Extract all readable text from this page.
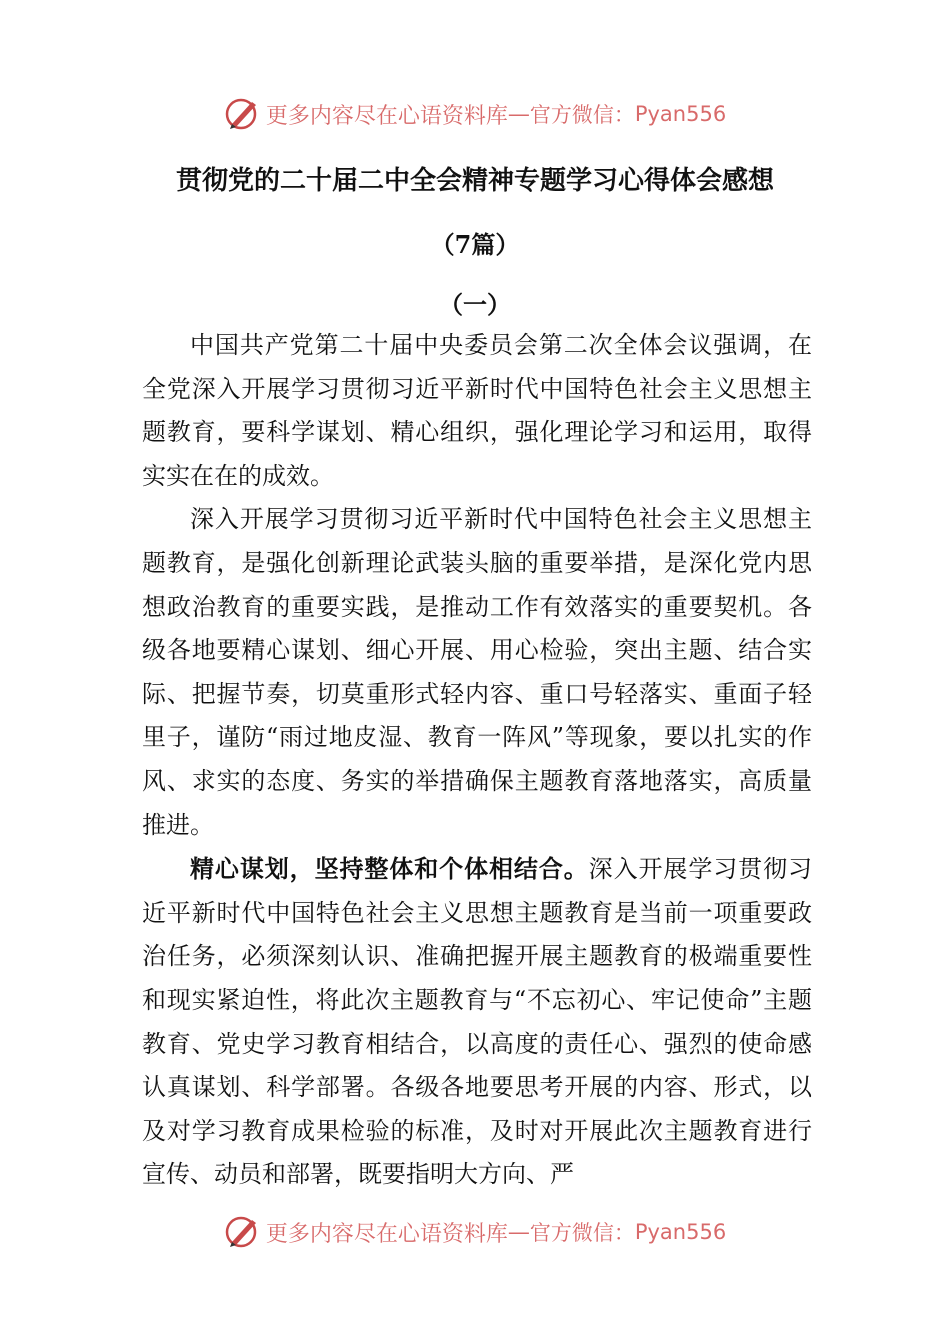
更多内容尽在心语资料库 — 官方微信： Pyan556
贯彻党的二十届二中全会精神专题学习心得体会感想
（7篇）
（一）

中国共产党第二十届中央委员会第二次全体会议强调，在全党深入开展学习贯彻习近平新时代中国特色社会主义思想主题教育，要科学谋划、精心组织，强化理论学习和运用，取得实实在在的成效。

深入开展学习贯彻习近平新时代中国特色社会主义思想主题教育，是强化创新理论武装头脑的重要举措，是深化党内思想政治教育的重要实践，是推动工作有效落实的重要契机。各级各地要精心谋划、细心开展、用心检验，突出主题、结合实际、把握节奏，切莫重形式轻内容、重口号轻落实、重面子轻里子，谨防“雨过地皮湿、教育一阵风”等现象，要以扎实的作风、求实的态度、务实的举措确保主题教育落地落实，高质量推进。

精心谋划，坚持整体和个体相结合。深入开展学习贯彻习近平新时代中国特色社会主义思想主题教育是当前一项重要政治任务，必须深刻认识、准确把握开展主题教育的极端重要性和现实紧迫性，将此次主题教育与“不忘初心、牢记使命”主题教育、党史学习教育相结合，以高度的责任心、强烈的使命感认真谋划、科学部署。各级各地要思考开展的内容、形式，以及对学习教育成果检验的标准，及时对开展此次主题教育进行宣传、动员和部署，既要指明大方向、严

更多内容尽在心语资料库 — 官方微信： Pyan556
